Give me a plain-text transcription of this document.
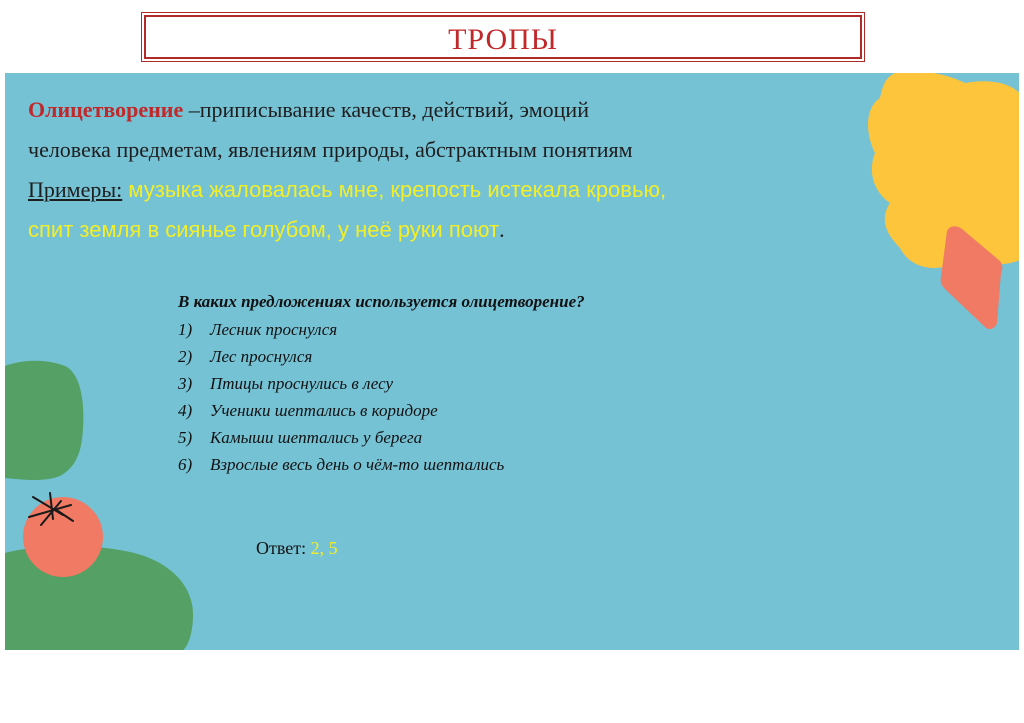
ТРОПЫ
Олицетворение –приписывание качеств, действий, эмоций
человека предметам, явлениям природы, абстрактным понятиям
Примеры: музыка жаловалась мне, крепость истекала кровью,
спит земля в сиянье голубом, у неё руки поют.
В каких предложениях используется олицетворение?
1)	Лесник проснулся
2)	Лес проснулся
3)	Птицы проснулись в лесу
4)	Ученики шептались в коридоре
5)	Камыши шептались у берега
6)	Взрослые весь день о чём-то шептались
Ответ: 2, 5
